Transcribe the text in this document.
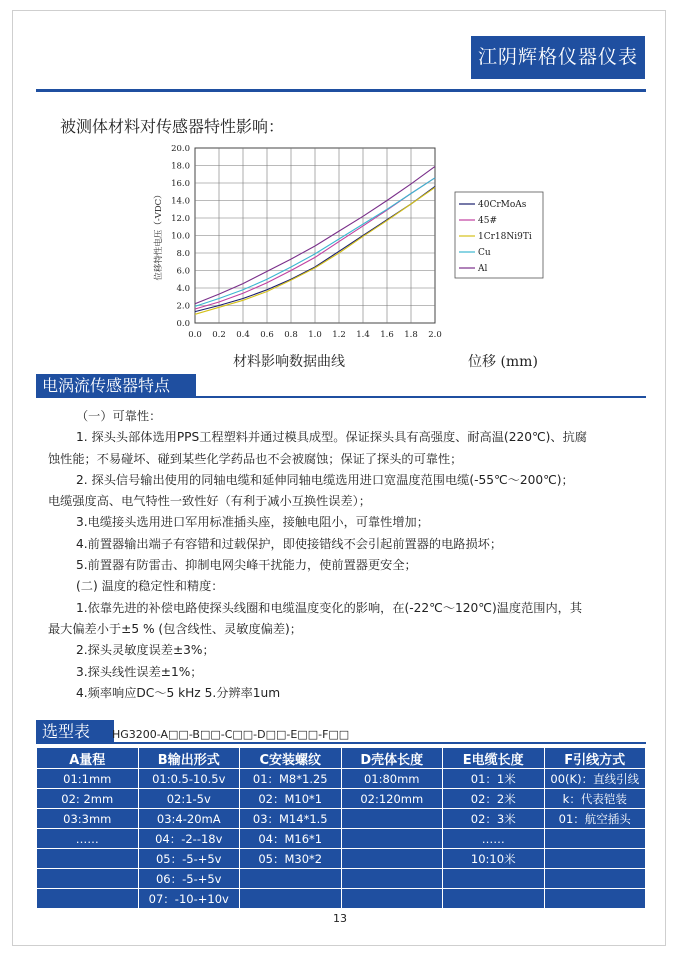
江阴辉格仪器仪表
被测体材料对传感器特性影响：
0.0 0.2 0.4 0.6 0.8 1.0 1.2 1.4 1.6 1.8 2.0
0.0
2.0
4.0
6.0
8.0
10.0
12.0
14.0
16.0
18.0
20.0
位移特性电压（-VDC）	40CrMoAs
45#
1Cr18Ni9Ti
Cu
Al
材料影响数据曲线	位移 (mm)
电涡流传感器特点

（一）可靠性：

1. 探头头部体选用PPS工程塑料并通过模具成型。保证探头具有高强度、耐高温(220℃)、抗腐

蚀性能；不易碰坏、碰到某些化学药品也不会被腐蚀；保证了探头的可靠性；

2. 探头信号输出使用的同轴电缆和延伸同轴电缆选用进口宽温度范围电缆(-55℃～200℃)；

电缆强度高、电气特性一致性好（有利于减小互换性误差）；

3.电缆接头选用进口军用标准插头座，接触电阻小，可靠性增加；

4.前置器输出端子有容错和过载保护，即使接错线不会引起前置器的电路损坏；

5.前置器有防雷击、抑制电网尖峰干扰能力，使前置器更安全；

(二) 温度的稳定性和精度：

1.依靠先进的补偿电路使探头线圈和电缆温度变化的影响，在(-22℃～120℃)温度范围内，其

最大偏差小于±5 % (包含线性、灵敏度偏差)；

2.探头灵敏度误差±3%；

3.探头线性误差±1%；

4.频率响应DC～5 kHz 5.分辨率1um

选型表	HG3200-A□□-B□□-C□□-D□□-E□□-F□□
A量程	B输出形式	C安装螺纹	D壳体长度	E电缆长度	F引线方式
01:1mm	01:0.5-10.5v	01：M8*1.25	01:80mm	01：1米	00(K)：直线引线
02: 2mm	02:1-5v	02：M10*1	02:120mm	02：2米	k：代表铠装
03:3mm	03:4-20mA	03：M14*1.5		02：3米	01：航空插头
……	04：-2--18v	04：M16*1		……	
	05：-5-+5v	05：M30*2		10:10米	
	06：-5-+5v				
	07：-10-+10v				
13
